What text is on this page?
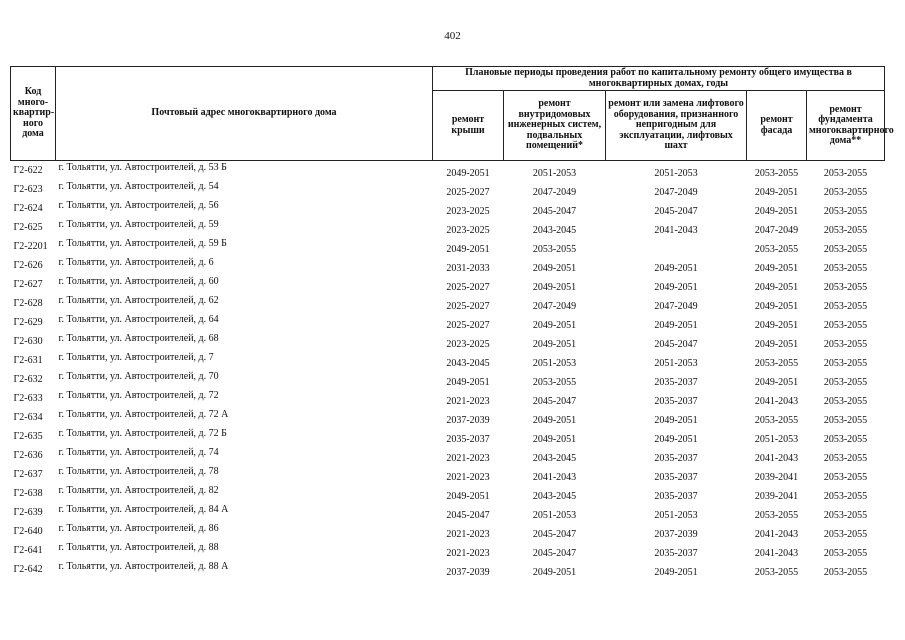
402
Код много-квартир-ного дома	Почтовый адрес многоквартирного дома	Плановые периоды проведения работ по капитальному ремонту общего имущества в многоквартирных домах, годы				
		ремонт крыши	ремонт внутридомовых инженерных систем, подвальных помещений*	ремонт или замена лифтового оборудования, признанного непригодным для эксплуатации, лифтовых шахт	ремонт фасада	ремонт фундамента многоквартирного дома**
Г2-622	г. Тольятти, ул. Автостроителей, д. 53 Б	2049-2051	2051-2053	2051-2053	2053-2055	2053-2055
Г2-623	г. Тольятти, ул. Автостроителей, д. 54	2025-2027	2047-2049	2047-2049	2049-2051	2053-2055
Г2-624	г. Тольятти, ул. Автостроителей, д. 56	2023-2025	2045-2047	2045-2047	2049-2051	2053-2055
Г2-625	г. Тольятти, ул. Автостроителей, д. 59	2023-2025	2043-2045	2041-2043	2047-2049	2053-2055
Г2-2201	г. Тольятти, ул. Автостроителей, д. 59 Б	2049-2051	2053-2055		2053-2055	2053-2055
Г2-626	г. Тольятти, ул. Автостроителей, д. 6	2031-2033	2049-2051	2049-2051	2049-2051	2053-2055
Г2-627	г. Тольятти, ул. Автостроителей, д. 60	2025-2027	2049-2051	2049-2051	2049-2051	2053-2055
Г2-628	г. Тольятти, ул. Автостроителей, д. 62	2025-2027	2047-2049	2047-2049	2049-2051	2053-2055
Г2-629	г. Тольятти, ул. Автостроителей, д. 64	2025-2027	2049-2051	2049-2051	2049-2051	2053-2055
Г2-630	г. Тольятти, ул. Автостроителей, д. 68	2023-2025	2049-2051	2045-2047	2049-2051	2053-2055
Г2-631	г. Тольятти, ул. Автостроителей, д. 7	2043-2045	2051-2053	2051-2053	2053-2055	2053-2055
Г2-632	г. Тольятти, ул. Автостроителей, д. 70	2049-2051	2053-2055	2035-2037	2049-2051	2053-2055
Г2-633	г. Тольятти, ул. Автостроителей, д. 72	2021-2023	2045-2047	2035-2037	2041-2043	2053-2055
Г2-634	г. Тольятти, ул. Автостроителей, д. 72 А	2037-2039	2049-2051	2049-2051	2053-2055	2053-2055
Г2-635	г. Тольятти, ул. Автостроителей, д. 72 Б	2035-2037	2049-2051	2049-2051	2051-2053	2053-2055
Г2-636	г. Тольятти, ул. Автостроителей, д. 74	2021-2023	2043-2045	2035-2037	2041-2043	2053-2055
Г2-637	г. Тольятти, ул. Автостроителей, д. 78	2021-2023	2041-2043	2035-2037	2039-2041	2053-2055
Г2-638	г. Тольятти, ул. Автостроителей, д. 82	2049-2051	2043-2045	2035-2037	2039-2041	2053-2055
Г2-639	г. Тольятти, ул. Автостроителей, д. 84 А	2045-2047	2051-2053	2051-2053	2053-2055	2053-2055
Г2-640	г. Тольятти, ул. Автостроителей, д. 86	2021-2023	2045-2047	2037-2039	2041-2043	2053-2055
Г2-641	г. Тольятти, ул. Автостроителей, д. 88	2021-2023	2045-2047	2035-2037	2041-2043	2053-2055
Г2-642	г. Тольятти, ул. Автостроителей, д. 88 А	2037-2039	2049-2051	2049-2051	2053-2055	2053-2055
